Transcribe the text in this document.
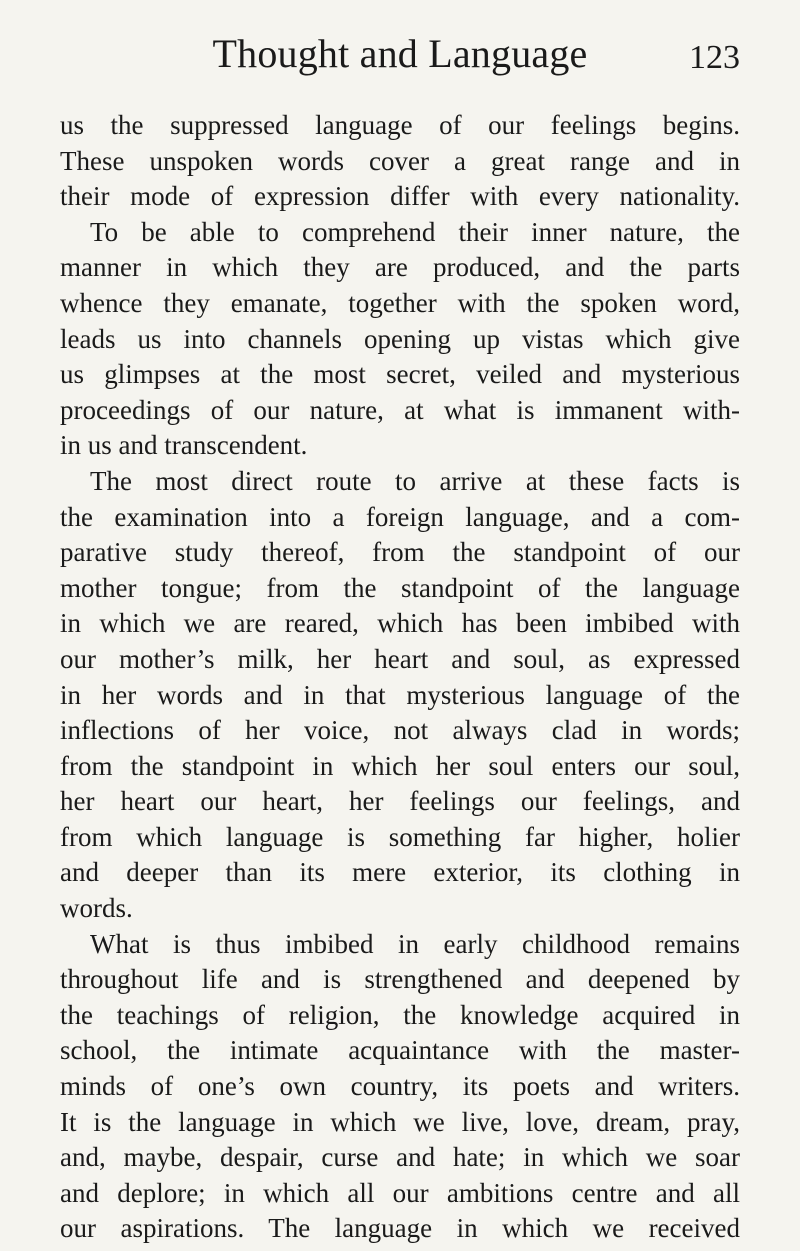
Thought and Language	123
us the suppressed language of our feelings begins.
These unspoken words cover a great range and in
their mode of expression differ with every nationality.
To be able to comprehend their inner nature, the
manner in which they are produced, and the parts
whence they emanate, together with the spoken word,
leads us into channels opening up vistas which give
us glimpses at the most secret, veiled and mysterious
proceedings of our nature, at what is immanent with-
in us and transcendent.
The most direct route to arrive at these facts is
the examination into a foreign language, and a com-
parative study thereof, from the standpoint of our
mother tongue; from the standpoint of the language
in which we are reared, which has been imbibed with
our mother’s milk, her heart and soul, as expressed
in her words and in that mysterious language of the
inflections of her voice, not always clad in words;
from the standpoint in which her soul enters our soul,
her heart our heart, her feelings our feelings, and
from which language is something far higher, holier
and deeper than its mere exterior, its clothing in
words.
What is thus imbibed in early childhood remains
throughout life and is strengthened and deepened by
the teachings of religion, the knowledge acquired in
school, the intimate acquaintance with the master-
minds of one’s own country, its poets and writers.
It is the language in which we live, love, dream, pray,
and, maybe, despair, curse and hate; in which we soar
and deplore; in which all our ambitions centre and all
our aspirations. The language in which we received
